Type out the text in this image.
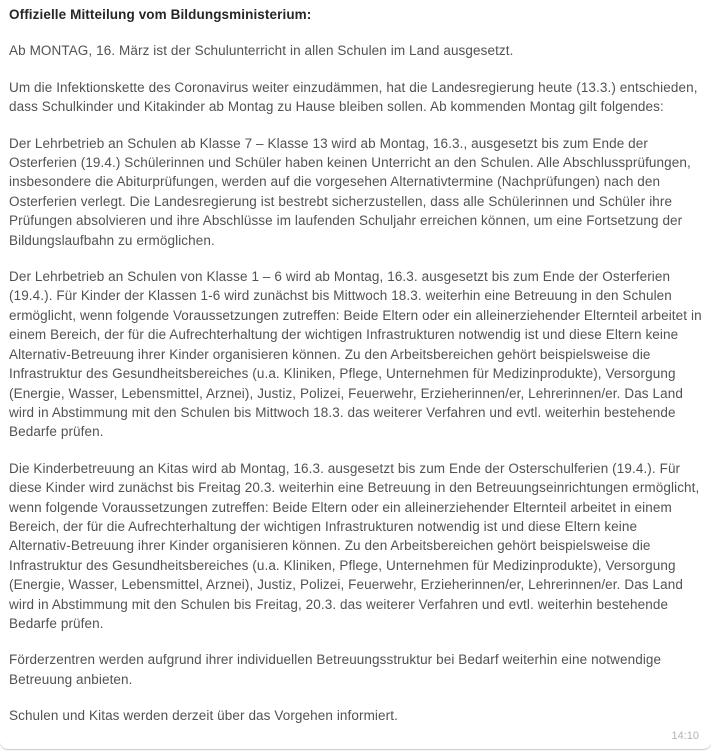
Offizielle Mitteilung vom Bildungsministerium:

Ab MONTAG, 16. März ist der Schulunterricht in allen Schulen im Land ausgesetzt.

Um die Infektionskette des Coronavirus weiter einzudämmen, hat die Landesregierung heute (13.3.) entschieden, dass Schulkinder und Kitakinder ab Montag zu Hause bleiben sollen. Ab kommenden Montag gilt folgendes:

Der Lehrbetrieb an Schulen ab Klasse 7 – Klasse 13 wird ab Montag, 16.3., ausgesetzt bis zum Ende der Osterferien (19.4.) Schülerinnen und Schüler haben keinen Unterricht an den Schulen. Alle Abschlussprüfungen, insbesondere die Abiturprüfungen, werden auf die vorgesehen Alternativtermine (Nachprüfungen) nach den Osterferien verlegt. Die Landesregierung ist bestrebt sicherzustellen, dass alle Schülerinnen und Schüler ihre Prüfungen absolvieren und ihre Abschlüsse im laufenden Schuljahr erreichen können, um eine Fortsetzung der Bildungslaufbahn zu ermöglichen.

Der Lehrbetrieb an Schulen von Klasse 1 – 6 wird ab Montag, 16.3. ausgesetzt bis zum Ende der Osterferien (19.4.). Für Kinder der Klassen 1-6 wird zunächst bis Mittwoch 18.3. weiterhin eine Betreuung in den Schulen ermöglicht, wenn folgende Voraussetzungen zutreffen: Beide Eltern oder ein alleinerziehender Elternteil arbeitet in einem Bereich, der für die Aufrechterhaltung der wichtigen Infrastrukturen notwendig ist und diese Eltern keine Alternativ-Betreuung ihrer Kinder organisieren können. Zu den Arbeitsbereichen gehört beispielsweise die Infrastruktur des Gesundheitsbereiches (u.a. Kliniken, Pflege, Unternehmen für Medizinprodukte), Versorgung (Energie, Wasser, Lebensmittel, Arznei), Justiz, Polizei, Feuerwehr, Erzieherinnen/er, Lehrerinnen/er. Das Land wird in Abstimmung mit den Schulen bis Mittwoch 18.3. das weiterer Verfahren und evtl. weiterhin bestehende Bedarfe prüfen.

Die Kinderbetreuung an Kitas wird ab Montag, 16.3. ausgesetzt bis zum Ende der Osterschulferien (19.4.). Für diese Kinder wird zunächst bis Freitag 20.3. weiterhin eine Betreuung in den Betreuungseinrichtungen ermöglicht, wenn folgende Voraussetzungen zutreffen: Beide Eltern oder ein alleinerziehender Elternteil arbeitet in einem Bereich, der für die Aufrechterhaltung der wichtigen Infrastrukturen notwendig ist und diese Eltern keine Alternativ-Betreuung ihrer Kinder organisieren können. Zu den Arbeitsbereichen gehört beispielsweise die Infrastruktur des Gesundheitsbereiches (u.a. Kliniken, Pflege, Unternehmen für Medizinprodukte), Versorgung (Energie, Wasser, Lebensmittel, Arznei), Justiz, Polizei, Feuerwehr, Erzieherinnen/er, Lehrerinnen/er. Das Land wird in Abstimmung mit den Schulen bis Freitag, 20.3. das weiterer Verfahren und evtl. weiterhin bestehende Bedarfe prüfen.

Förderzentren werden aufgrund ihrer individuellen Betreuungsstruktur bei Bedarf weiterhin eine notwendige Betreuung anbieten.

Schulen und Kitas werden derzeit über das Vorgehen informiert.

14:10
